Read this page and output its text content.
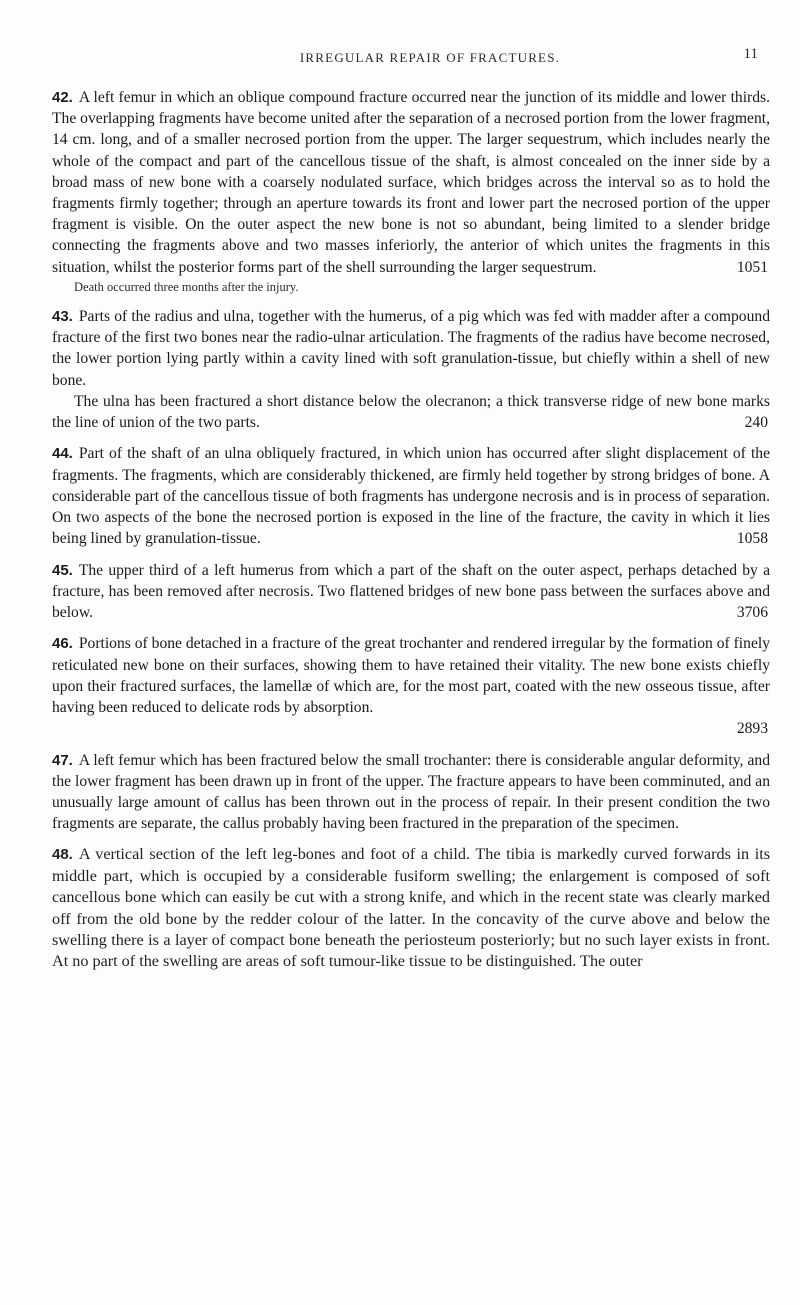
IRREGULAR REPAIR OF FRACTURES.	11

42. A left femur in which an oblique compound fracture occurred near the junction of its middle and lower thirds. The overlapping fragments have become united after the separation of a necrosed portion from the lower fragment, 14 cm. long, and of a smaller necrosed portion from the upper. The larger sequestrum, which includes nearly the whole of the compact and part of the cancellous tissue of the shaft, is almost concealed on the inner side by a broad mass of new bone with a coarsely nodulated surface, which bridges across the interval so as to hold the fragments firmly together; through an aperture towards its front and lower part the necrosed portion of the upper fragment is visible. On the outer aspect the new bone is not so abundant, being limited to a slender bridge connecting the fragments above and two masses inferiorly, the anterior of which unites the fragments in this situation, whilst the posterior forms part of the shell surrounding the larger sequestrum.	1051

Death occurred three months after the injury.

43. Parts of the radius and ulna, together with the humerus, of a pig which was fed with madder after a compound fracture of the first two bones near the radio-ulnar articulation. The fragments of the radius have become necrosed, the lower portion lying partly within a cavity lined with soft granulation-tissue, but chiefly within a shell of new bone.

The ulna has been fractured a short distance below the olecranon; a thick transverse ridge of new bone marks the line of union of the two parts.	240

44. Part of the shaft of an ulna obliquely fractured, in which union has occurred after slight displacement of the fragments. The fragments, which are considerably thickened, are firmly held together by strong bridges of bone. A considerable part of the cancellous tissue of both fragments has undergone necrosis and is in process of separation. On two aspects of the bone the necrosed portion is exposed in the line of the fracture, the cavity in which it lies being lined by granulation-tissue.	1058

45. The upper third of a left humerus from which a part of the shaft on the outer aspect, perhaps detached by a fracture, has been removed after necrosis. Two flattened bridges of new bone pass between the surfaces above and below.	3706

46. Portions of bone detached in a fracture of the great trochanter and rendered irregular by the formation of finely reticulated new bone on their surfaces, showing them to have retained their vitality. The new bone exists chiefly upon their fractured surfaces, the lamellæ of which are, for the most part, coated with the new osseous tissue, after having been reduced to delicate rods by absorption.

2893

47. A left femur which has been fractured below the small trochanter: there is considerable angular deformity, and the lower fragment has been drawn up in front of the upper. The fracture appears to have been comminuted, and an unusually large amount of callus has been thrown out in the process of repair. In their present condition the two fragments are separate, the callus probably having been fractured in the preparation of the specimen.

48. A vertical section of the left leg-bones and foot of a child. The tibia is markedly curved forwards in its middle part, which is occupied by a considerable fusiform swelling; the enlargement is composed of soft cancellous bone which can easily be cut with a strong knife, and which in the recent state was clearly marked off from the old bone by the redder colour of the latter. In the concavity of the curve above and below the swelling there is a layer of compact bone beneath the periosteum posteriorly; but no such layer exists in front. At no part of the swelling are areas of soft tumour-like tissue to be distinguished. The outer
